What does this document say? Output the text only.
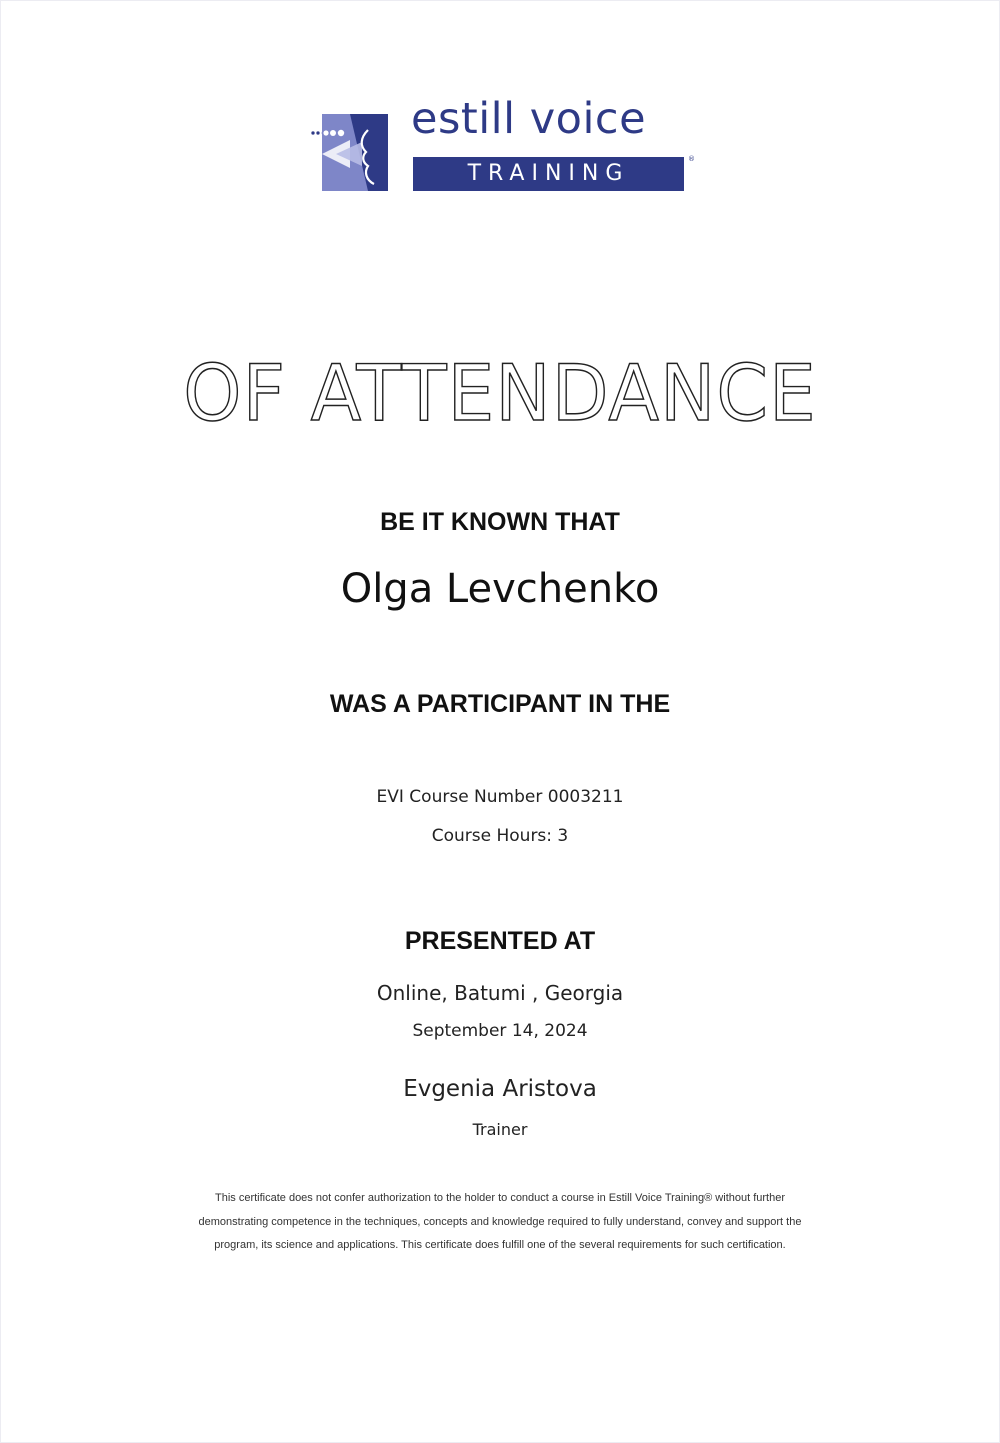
estill voice
TRAINING
®
CERTIFICATE
OF ATTENDANCE
BE IT KNOWN THAT
Olga Levchenko
WAS A PARTICIPANT IN THE
EVI Course Number 0003211
Course Hours: 3
PRESENTED AT
Online, Batumi , Georgia
September 14, 2024
Evgenia Aristova
Trainer
This certificate does not confer authorization to the holder to conduct a course in Estill Voice Training® without further
demonstrating competence in the techniques, concepts and knowledge required to fully understand, convey and support the
program, its science and applications. This certificate does fulfill one of the several requirements for such certification.
